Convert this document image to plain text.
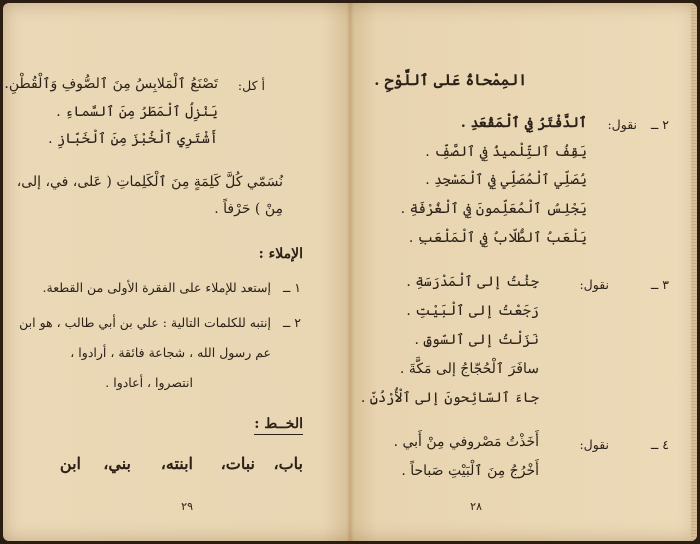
أ كل:
تَصْنَعُ ٱلْمَلابِسُ مِنَ ٱلصُّوفِ وَٱلْقُطْنِ.
يَنْزِلُ ٱلْمَطَرُ مِنَ ٱلسَّماءِ .
أَشْتَرِي ٱلْخُبْزَ مِنَ ٱلْخَبّازِ .
نُسَمّي كُلَّ كَلِمَةٍ مِنَ ٱلْكَلِماتِ ( عَلى، في، إلى،
مِنْ ) حَرْفاً .
الإملاء :
١ ــ
إستعد للإملاء على الفقرة الأولى من القطعة.
٢ ــ
إنتبه للكلمات التالية : علي بن أبي طالب ، هو ابن
عم رسول الله ، شجاعة فائقة ، أرادوا ،
انتصروا ، أعادوا .
الخــط :
باب،
نبات،
ابنته،
بني،
ابن
٢٩
المِمْحاةُ عَلى ٱللَّوْحِ .
٢ ــ
نقول:
ٱلدَّفْتَرُ فِي ٱلْمَقْعَدِ .
يَقِفُ ٱلتِّلْميذُ فِي ٱلصَّفِّ .
يُصَلِّي ٱلْمُصَلِّي فِي ٱلْمَسْجِدِ .
يَجْلِسُ ٱلْمُعَلِّمونَ فِي ٱلْغُرْفَةِ .
يَلْعَبُ ٱلطُّلّابُ فِي ٱلْمَلْعَبِ .
٣ ــ
نقول:
جِئْتُ إلى ٱلْمَدْرَسَةِ .
رَجَعْتُ إلى ٱلْبَيْتِ .
نَزَلْتُ إلى ٱلسّوقِ .
سافَرَ ٱلْحُجّاجُ إلى مَكَّةَ .
جاءَ ٱلسّائِحونَ إلى ٱلْأُرْدُنِّ .
٤ ــ
نقول:
أَخَذْتُ مَصْروفي مِنْ أَبي .
أَخْرُجُ مِنَ ٱلْبَيْتِ صَباحاً .
٢٨
